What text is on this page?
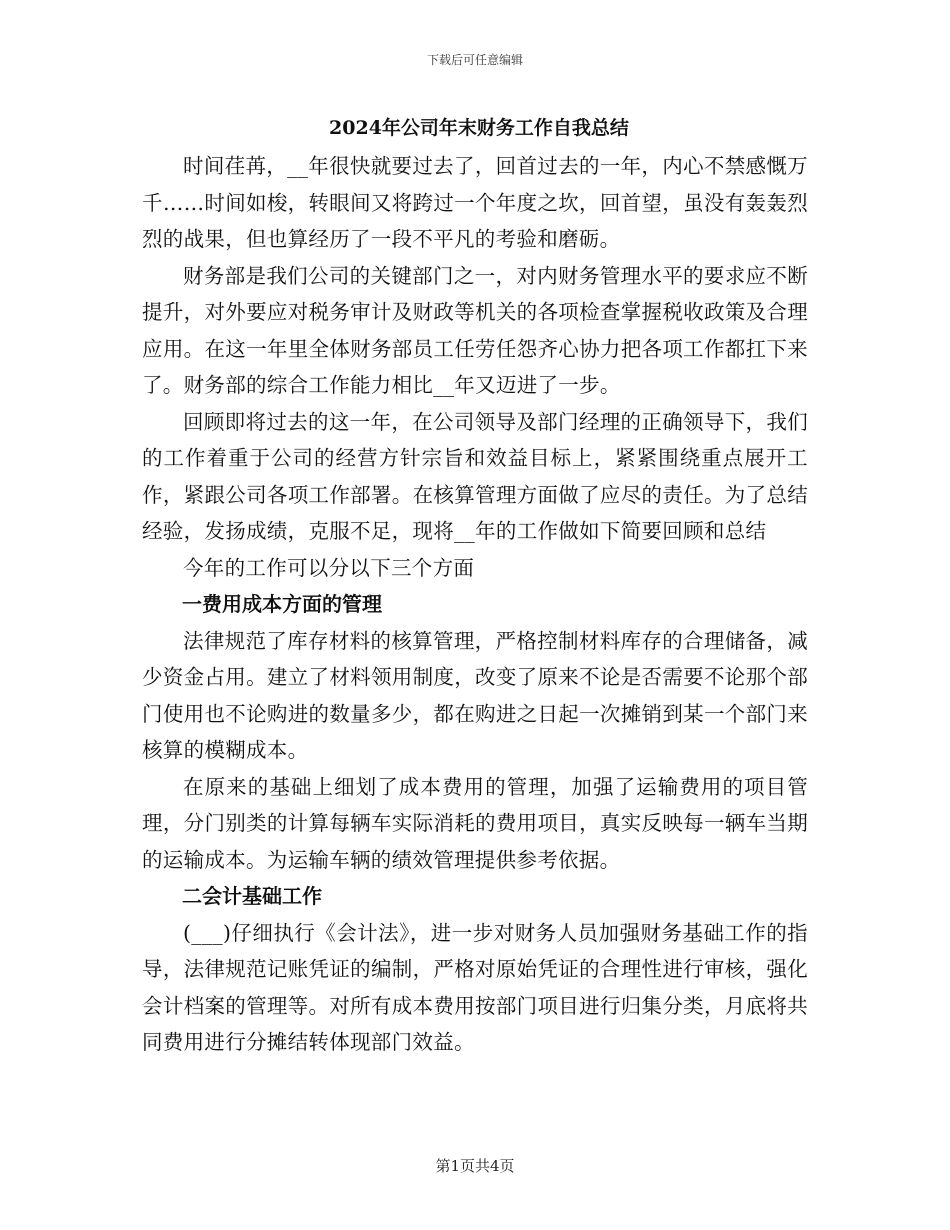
下载后可任意编辑
2024年公司年末财务工作自我总结

时间荏苒，__年很快就要过去了，回首过去的一年，内心不禁感慨万千……时间如梭，转眼间又将跨过一个年度之坎，回首望，虽没有轰轰烈烈的战果，但也算经历了一段不平凡的考验和磨砺。

财务部是我们公司的关键部门之一，对内财务管理水平的要求应不断提升，对外要应对税务审计及财政等机关的各项检查掌握税收政策及合理应用。在这一年里全体财务部员工任劳任怨齐心协力把各项工作都扛下来了。财务部的综合工作能力相比__年又迈进了一步。

回顾即将过去的这一年，在公司领导及部门经理的正确领导下，我们的工作着重于公司的经营方针宗旨和效益目标上，紧紧围绕重点展开工作，紧跟公司各项工作部署。在核算管理方面做了应尽的责任。为了总结经验，发扬成绩，克服不足，现将__年的工作做如下简要回顾和总结

今年的工作可以分以下三个方面

一费用成本方面的管理

法律规范了库存材料的核算管理，严格控制材料库存的合理储备，减少资金占用。建立了材料领用制度，改变了原来不论是否需要不论那个部门使用也不论购进的数量多少，都在购进之日起一次摊销到某一个部门来核算的模糊成本。

在原来的基础上细划了成本费用的管理，加强了运输费用的项目管理，分门别类的计算每辆车实际消耗的费用项目，真实反映每一辆车当期的运输成本。为运输车辆的绩效管理提供参考依据。

二会计基础工作

(___)仔细执行《会计法》，进一步对财务人员加强财务基础工作的指导，法律规范记账凭证的编制，严格对原始凭证的合理性进行审核，强化会计档案的管理等。对所有成本费用按部门项目进行归集分类，月底将共同费用进行分摊结转体现部门效益。

第1页共4页
